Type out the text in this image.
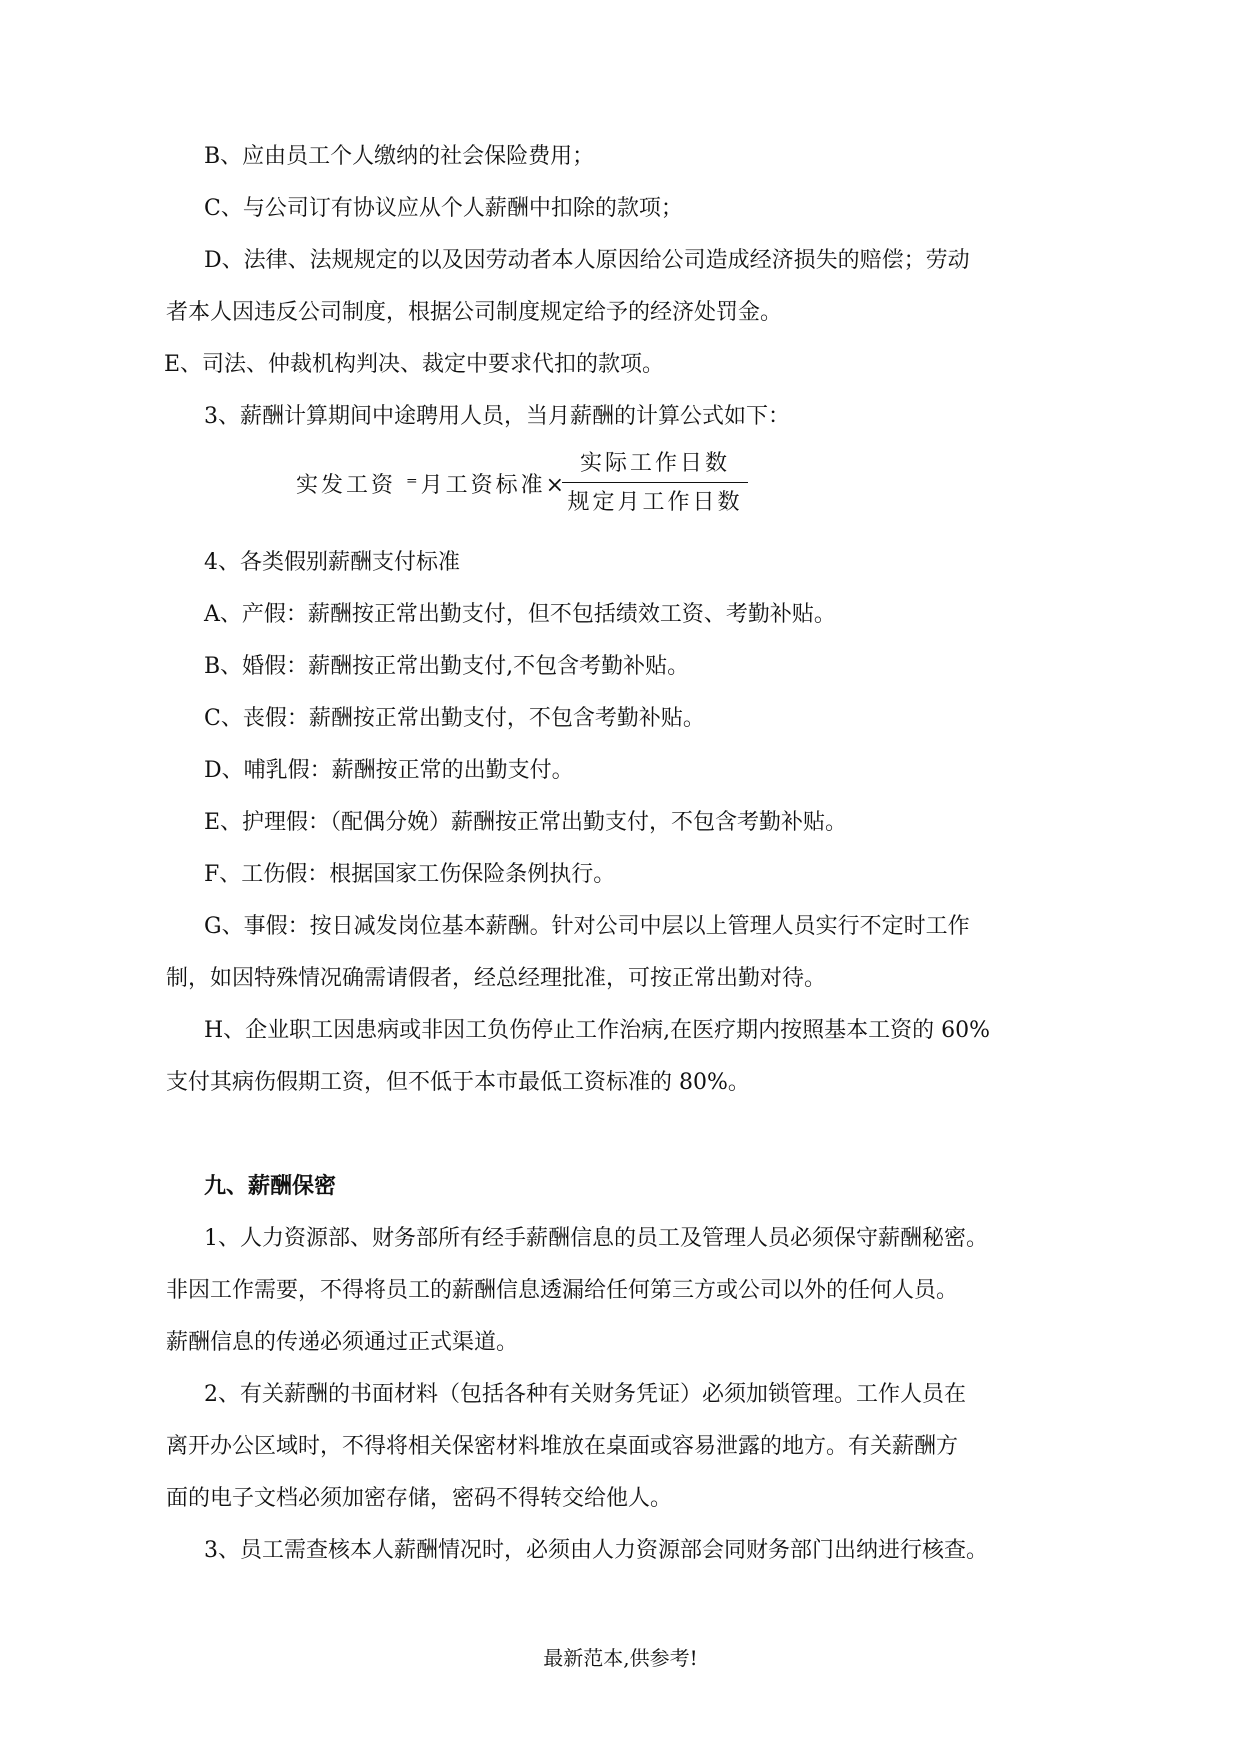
B、应由员工个人缴纳的社会保险费用；
C、与公司订有协议应从个人薪酬中扣除的款项；
D、法律、法规规定的以及因劳动者本人原因给公司造成经济损失的赔偿；劳动
者本人因违反公司制度，根据公司制度规定给予的经济处罚金。
E、司法、仲裁机构判决、裁定中要求代扣的款项。
3、薪酬计算期间中途聘用人员，当月薪酬的计算公式如下：
实发工资 ⁼月工资标准×
实际工作日数
规定月工作日数
4、各类假别薪酬支付标准
A、产假：薪酬按正常出勤支付，但不包括绩效工资、考勤补贴。
B、婚假：薪酬按正常出勤支付,不包含考勤补贴。
C、丧假：薪酬按正常出勤支付，不包含考勤补贴。
D、哺乳假：薪酬按正常的出勤支付。
E、护理假：（配偶分娩）薪酬按正常出勤支付，不包含考勤补贴。
F、工伤假：根据国家工伤保险条例执行。
G、事假：按日减发岗位基本薪酬。针对公司中层以上管理人员实行不定时工作
制，如因特殊情况确需请假者，经总经理批准，可按正常出勤对待。
H、企业职工因患病或非因工负伤停止工作治病,在医疗期内按照基本工资的 60%
支付其病伤假期工资，但不低于本市最低工资标准的 80%。
九、薪酬保密
1、人力资源部、财务部所有经手薪酬信息的员工及管理人员必须保守薪酬秘密。
非因工作需要，不得将员工的薪酬信息透漏给任何第三方或公司以外的任何人员。
薪酬信息的传递必须通过正式渠道。
2、有关薪酬的书面材料（包括各种有关财务凭证）必须加锁管理。工作人员在
离开办公区域时，不得将相关保密材料堆放在桌面或容易泄露的地方。有关薪酬方
面的电子文档必须加密存储，密码不得转交给他人。
3、员工需查核本人薪酬情况时，必须由人力资源部会同财务部门出纳进行核查。
最新范本,供参考!
